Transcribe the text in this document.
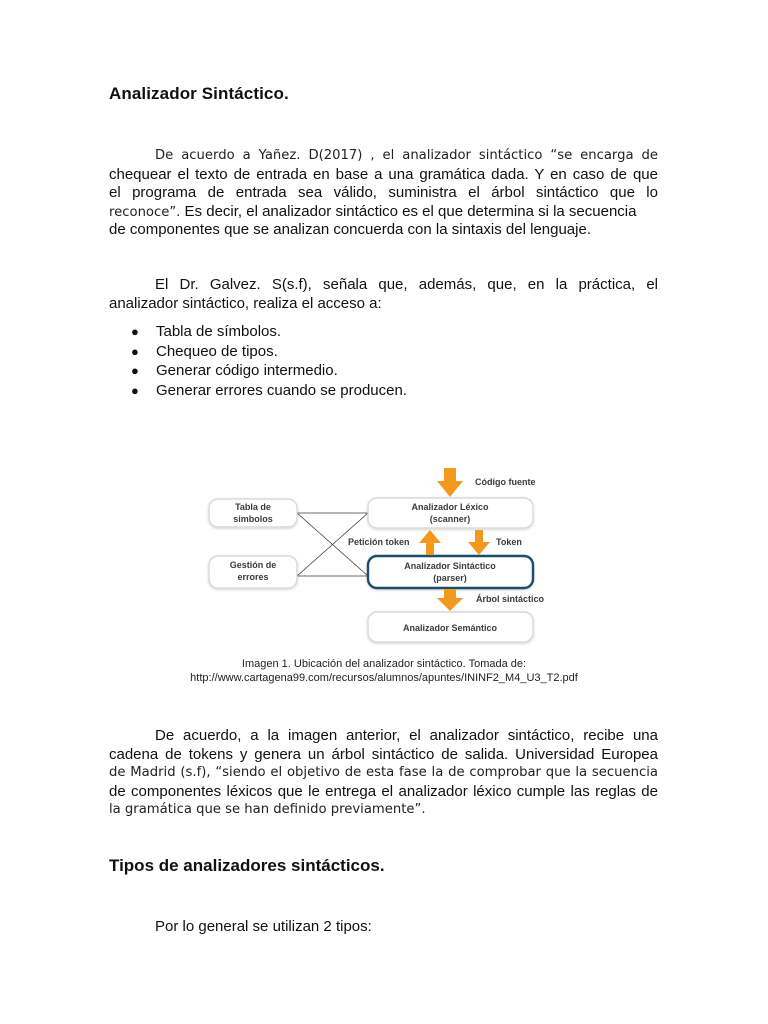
Analizador Sintáctico.
De acuerdo a Yañez. D(2017) , el analizador sintáctico “se encarga de
chequear el texto de entrada en base a una gramática dada. Y en caso de que
el programa de entrada sea válido, suministra el árbol sintáctico que lo
reconoce”. Es decir, el analizador sintáctico es el que determina si la secuencia
de componentes que se analizan concuerda con la sintaxis del lenguaje.
El Dr. Galvez. S(s.f), señala que, además, que, en la práctica, el
analizador sintáctico, realiza el acceso a:
● Tabla de símbolos.
● Chequeo de tipos.
● Generar código intermedio.
● Generar errores cuando se producen.
Tabla de
simbolos
Gestión de
errores
Analizador Léxico
(scanner)
Analizador Sintáctico
(parser)
Analizador Semántico
Código fuente
Petición token	Token
Árbol sintáctico
Imagen 1. Ubicación del analizador sintáctico. Tomada de:
http://www.cartagena99.com/recursos/alumnos/apuntes/ININF2_M4_U3_T2.pdf
De acuerdo, a la imagen anterior, el analizador sintáctico, recibe una
cadena de tokens y genera un árbol sintáctico de salida. Universidad Europea
de Madrid (s.f), “siendo el objetivo de esta fase la de comprobar que la secuencia
de componentes léxicos que le entrega el analizador léxico cumple las reglas de
la gramática que se han definido previamente”.
Tipos de analizadores sintácticos.
Por lo general se utilizan 2 tipos:
